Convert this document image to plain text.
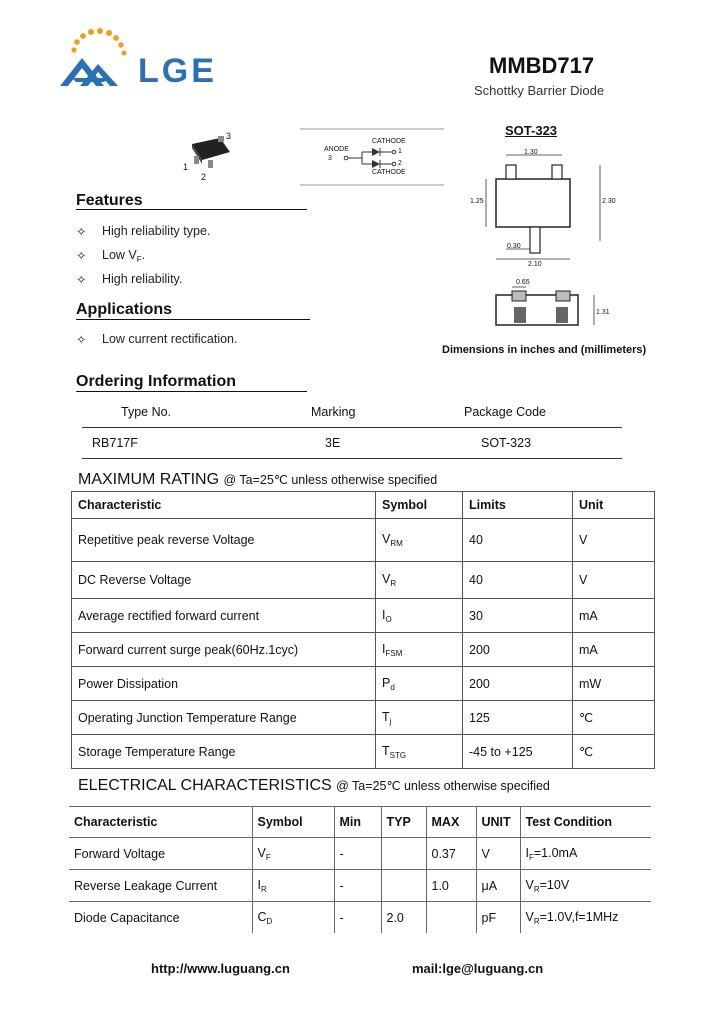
LGE	MMBD717
Schottky Barrier Diode
3
1
2
ANODE
3
CATHODE
1
2
CATHODE
Features
✧ High reliability type.
✧ Low $V_F$.
✧ High reliability.
Applications
✧ Low current rectification.
SOT-323
1.30
1.25	2.30
0.30
2.10
0.65
1.31
Dimensions in inches and (millimeters)
Ordering Information
Type No.	Marking	Package Code
RB717F	3E	SOT-323
MAXIMUM RATING @ Ta=25℃ unless otherwise specified
Characteristic	Symbol	Limits	Unit
Repetitive peak reverse Voltage	$V_{RM}$	40	V
DC Reverse Voltage	$V_R$	40	V
Average rectified forward current	$I_O$	30	mA
Forward current surge peak(60Hz.1cyc)	$I_{FSM}$	200	mA
Power Dissipation	$P_d$	200	mW
Operating Junction Temperature Range	$T_j$	125	℃
Storage Temperature Range	$T_{STG}$	-45 to +125	℃
ELECTRICAL CHARACTERISTICS @ Ta=25℃ unless otherwise specified
Characteristic	Symbol	Min	TYP	MAX	UNIT	Test Condition
Forward Voltage	$V_F$	-		0.37	V	$I_F=1.0mA$
Reverse Leakage Current	$I_R$	-		1.0	μA	$V_R=10V$
Diode Capacitance	$C_D$	-	2.0		pF	$V_R=1.0V,f=1MHz$
http://www.luguang.cn	mail:lge@luguang.cn
